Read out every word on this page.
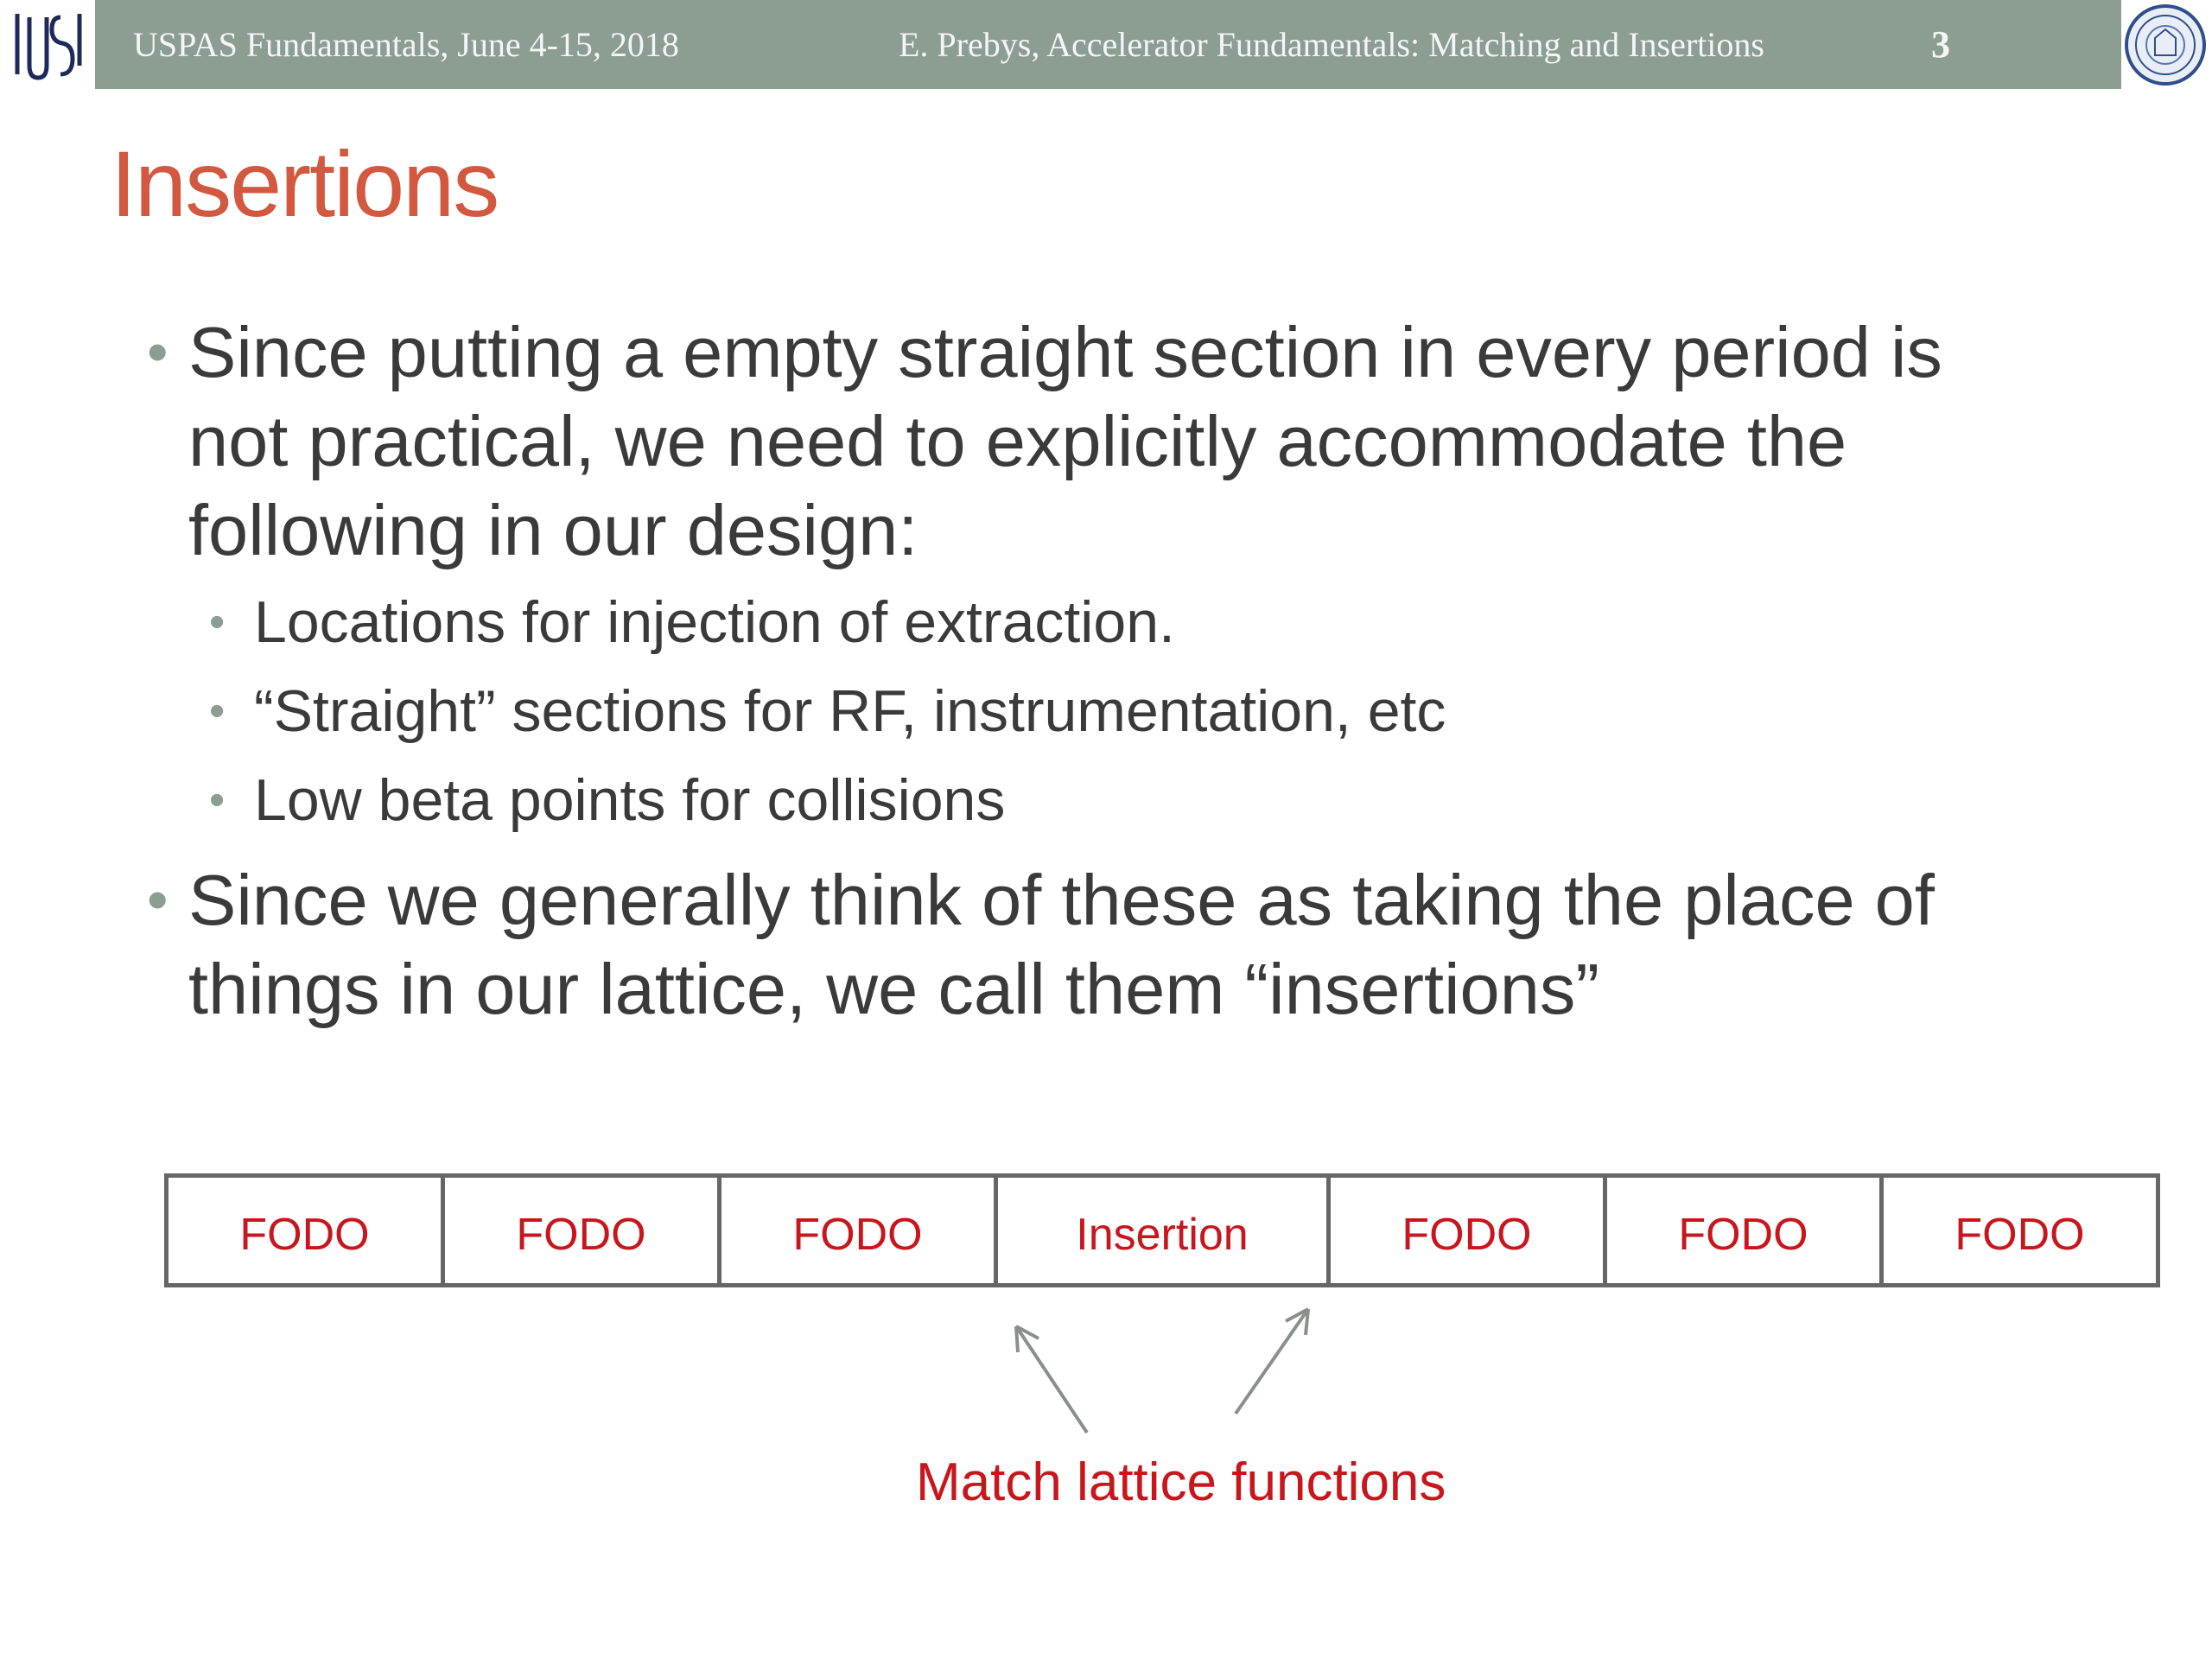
USPAS Fundamentals, June 4-15, 2018	E. Prebys, Accelerator Fundamentals: Matching and Insertions	3
Insertions
• Since putting a empty straight section in every period is
not practical, we need to explicitly accommodate the
following in our design:
• Locations for injection of extraction.
• “Straight” sections for RF, instrumentation, etc
• Low beta points for collisions
• Since we generally think of these as taking the place of
things in our lattice, we call them “insertions”
FODO	FODO	FODO	Insertion	FODO	FODO	FODO
Match lattice functions
